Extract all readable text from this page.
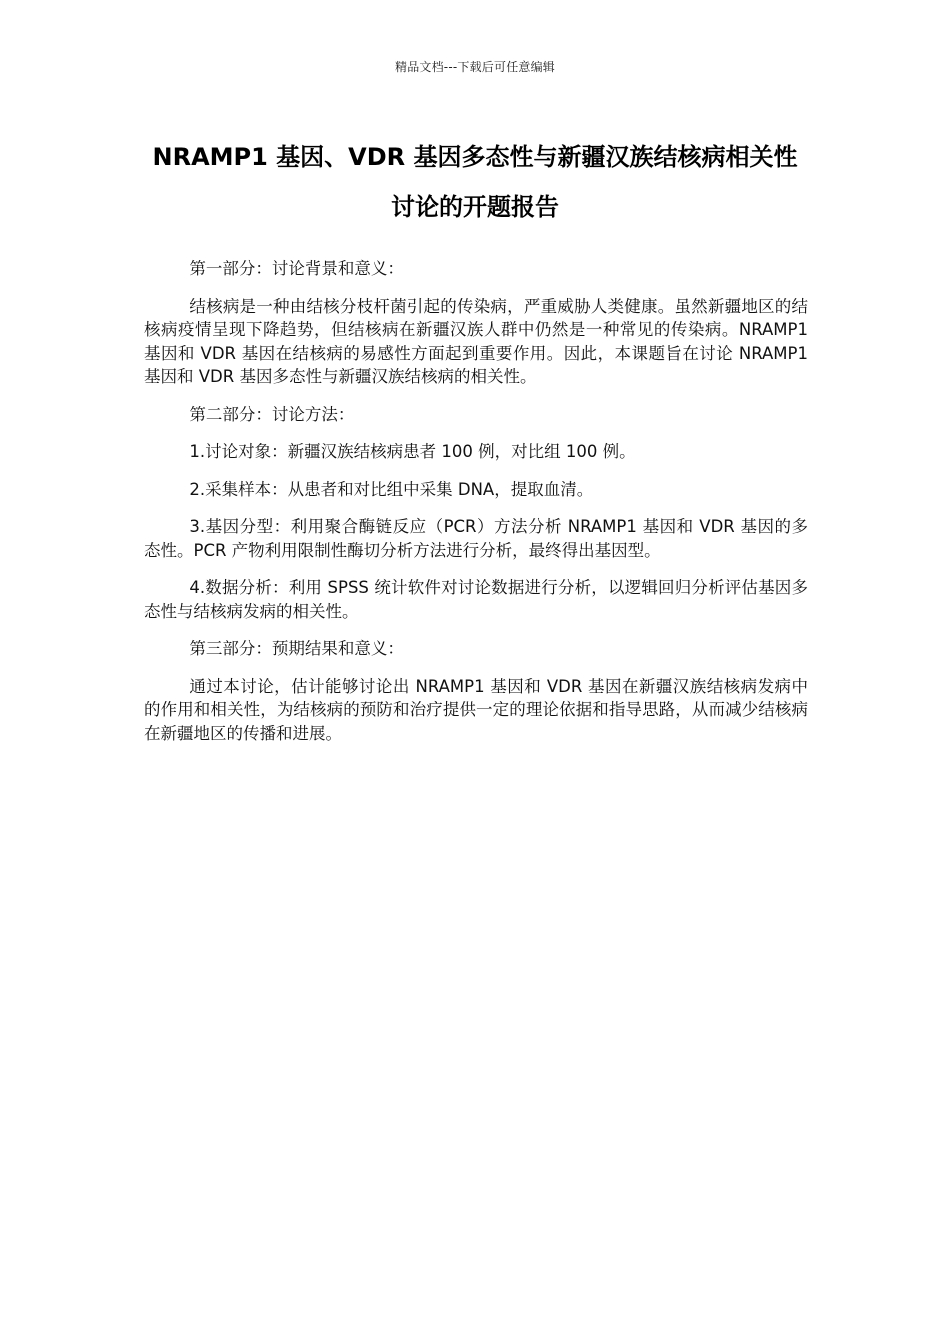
精品文档---下载后可任意编辑
NRAMP1 基因、VDR 基因多态性与新疆汉族结核病相关性
讨论的开题报告

第一部分：讨论背景和意义：

结核病是一种由结核分枝杆菌引起的传染病，严重威胁人类健康。虽然新疆地区的结核病疫情呈现下降趋势，但结核病在新疆汉族人群中仍然是一种常见的传染病。NRAMP1 基因和 VDR 基因在结核病的易感性方面起到重要作用。因此，本课题旨在讨论 NRAMP1 基因和 VDR 基因多态性与新疆汉族结核病的相关性。

第二部分：讨论方法：

1.讨论对象：新疆汉族结核病患者 100 例，对比组 100 例。

2.采集样本：从患者和对比组中采集 DNA，提取血清。

3.基因分型：利用聚合酶链反应（PCR）方法分析 NRAMP1 基因和 VDR 基因的多态性。PCR 产物利用限制性酶切分析方法进行分析，最终得出基因型。

4.数据分析：利用 SPSS 统计软件对讨论数据进行分析，以逻辑回归分析评估基因多态性与结核病发病的相关性。

第三部分：预期结果和意义：

通过本讨论，估计能够讨论出 NRAMP1 基因和 VDR 基因在新疆汉族结核病发病中的作用和相关性，为结核病的预防和治疗提供一定的理论依据和指导思路，从而减少结核病在新疆地区的传播和进展。
